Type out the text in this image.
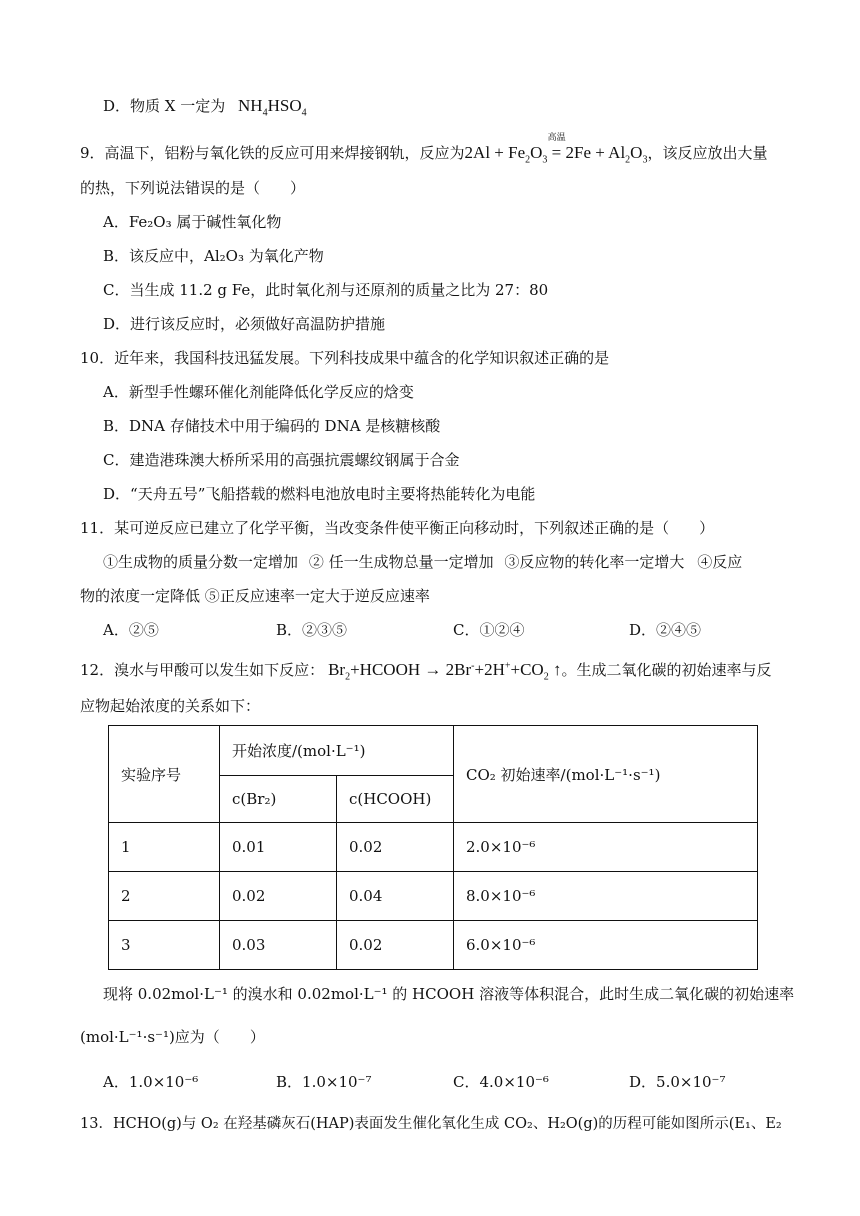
D．物质 X 一定为 $NH_4HSO_4$
9．高温下，铝粉与氧化铁的反应可用来焊接钢轨，反应为$2Al + Fe_2O_3$
高温
= $2Fe + Al_2O_3$，该反应放出大量
的热，下列说法错误的是（　　）
A．Fe₂O₃ 属于碱性氧化物
B．该反应中，Al₂O₃ 为氧化产物
C．当生成 11.2 g Fe，此时氧化剂与还原剂的质量之比为 27：80
D．进行该反应时，必须做好高温防护措施
10．近年来，我国科技迅猛发展。下列科技成果中蕴含的化学知识叙述正确的是
A．新型手性螺环催化剂能降低化学反应的焓变
B．DNA 存储技术中用于编码的 DNA 是核糖核酸
C．建造港珠澳大桥所采用的高强抗震螺纹钢属于合金
D．“天舟五号”飞船搭载的燃料电池放电时主要将热能转化为电能
11．某可逆反应已建立了化学平衡，当改变条件使平衡正向移动时，下列叙述正确的是（　　）
①生成物的质量分数一定增加 ② 任一生成物总量一定增加 ③反应物的转化率一定增大 ④反应
物的浓度一定降低 ⑤正反应速率一定大于逆反应速率
A．②⑤	B．②③⑤	C．①②④	D．②④⑤
12．溴水与甲酸可以发生如下反应： $Br_2+HCOOH \to 2Br^-+2H^++CO_2$ ↑。生成二氧化碳的初始速率与反
应物起始浓度的关系如下：
实验序号	开始浓度/(mol·L⁻¹)		CO₂ 初始速率/(mol·L⁻¹·s⁻¹)
	c(Br₂)	c(HCOOH)	
1	0.01	0.02	2.0×10⁻⁶
2	0.02	0.04	8.0×10⁻⁶
3	0.03	0.02	6.0×10⁻⁶
现将 0.02mol·L⁻¹ 的溴水和 0.02mol·L⁻¹ 的 HCOOH 溶液等体积混合，此时生成二氧化碳的初始速率
(mol·L⁻¹·s⁻¹)应为（　　）
A．1.0×10⁻⁶	B．1.0×10⁻⁷	C．4.0×10⁻⁶	D．5.0×10⁻⁷
13．HCHO(g)与 O₂ 在羟基磷灰石(HAP)表面发生催化氧化生成 CO₂、H₂O(g)的历程可能如图所示(E₁、E₂
